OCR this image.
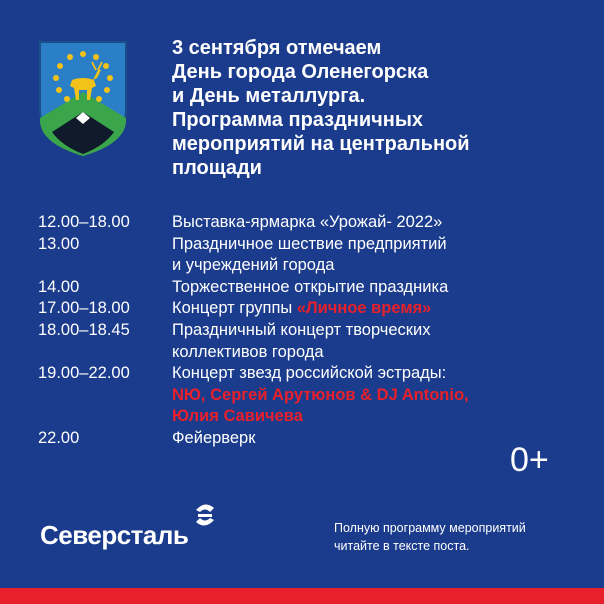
3 сентября отмечаем
День города Оленегорска
и День металлурга.
Программа праздничных
мероприятий на центральной
площади
12.00–18.00	Выставка-ярмарка «Урожай- 2022»
13.00	Праздничное шествие предприятий
и учреждений города
14.00	Торжественное открытие праздника
17.00–18.00	Концерт группы «Личное время»
18.00–18.45	Праздничный концерт творческих
коллективов города
19.00–22.00	Концерт звезд российской эстрады:
NЮ, Сергей Арутюнов & DJ Antonio,
Юлия Савичева
22.00	Фейерверк
0+
Северсталь	Полную программу мероприятий
читайте в тексте поста.
